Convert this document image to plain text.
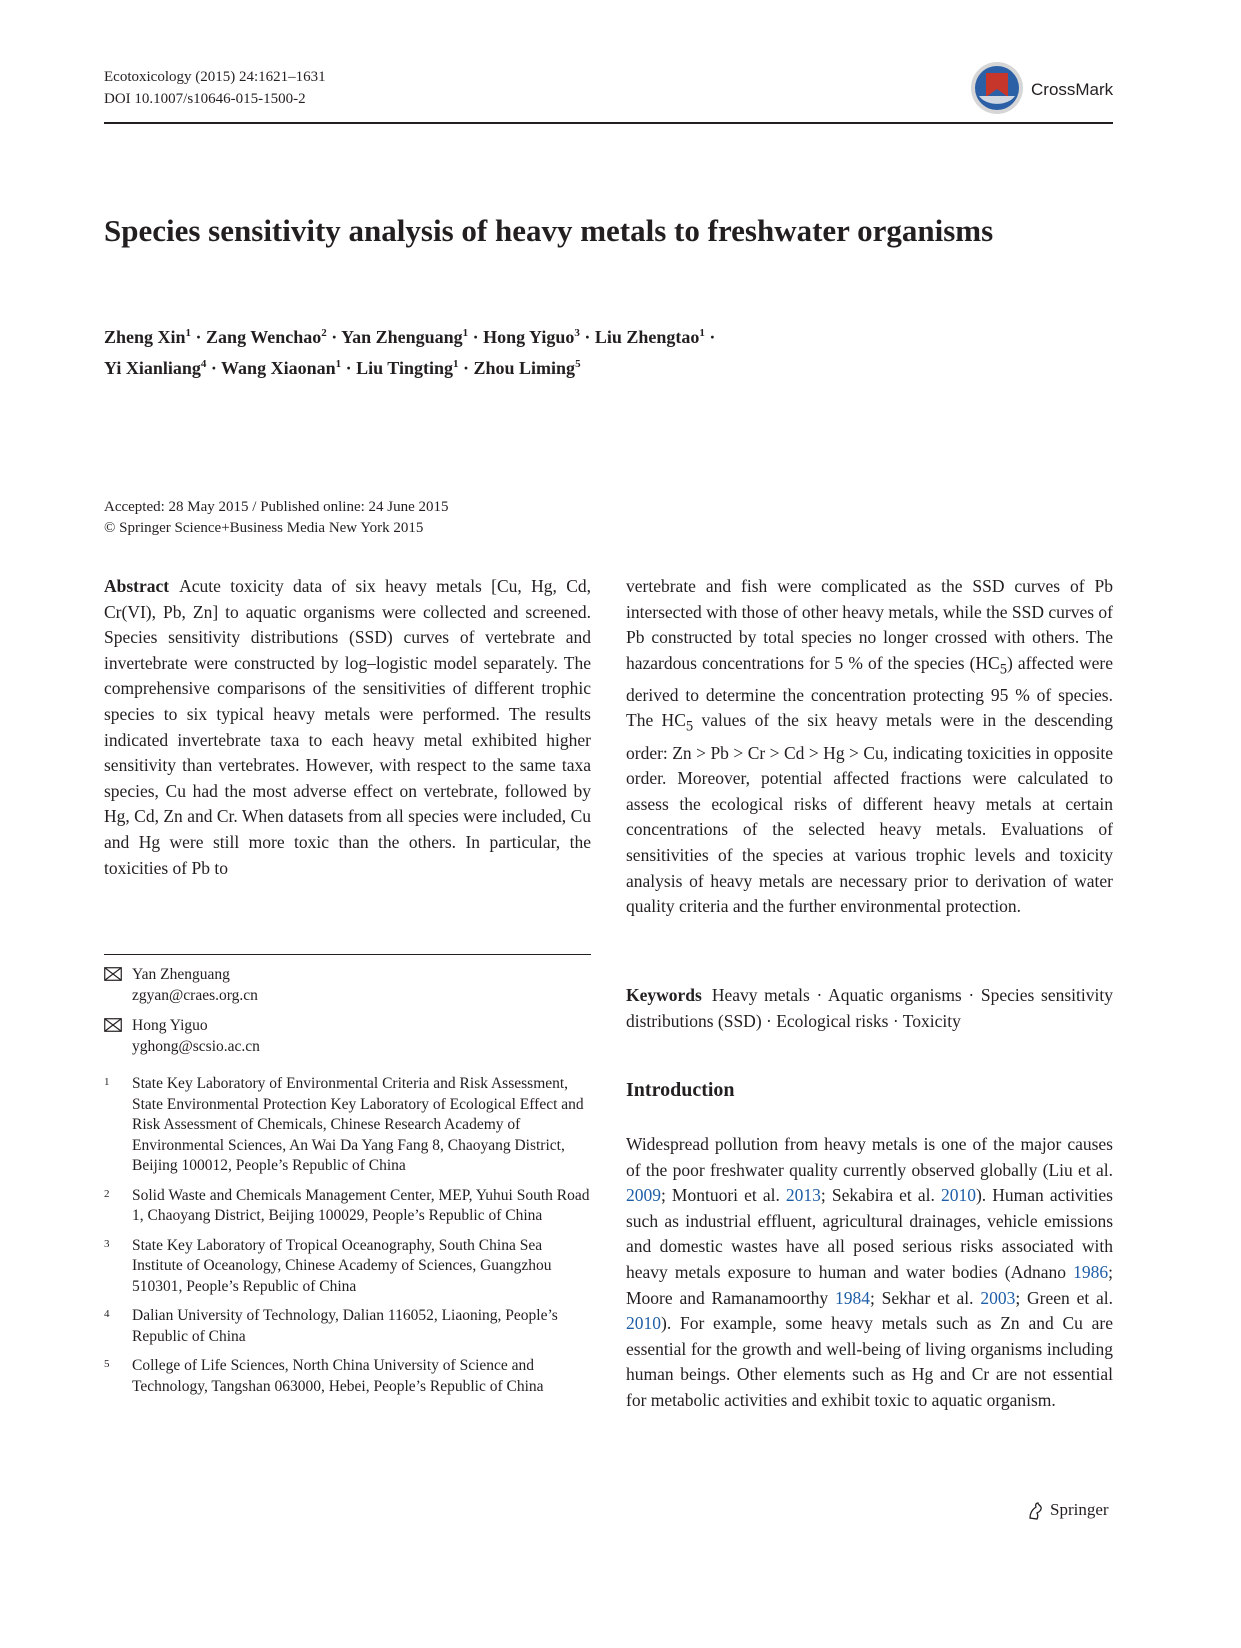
Ecotoxicology (2015) 24:1621–1631
DOI 10.1007/s10646-015-1500-2	CrossMark
Species sensitivity analysis of heavy metals to freshwater organisms
Zheng Xin$^1$ · Zang Wenchao$^2$ · Yan Zhenguang$^1$ · Hong Yiguo$^3$ · Liu Zhengtao$^1$ ·
Yi Xianliang$^4$ · Wang Xiaonan$^1$ · Liu Tingting$^1$ · Zhou Liming$^5$
Accepted: 28 May 2015 / Published online: 24 June 2015
© Springer Science+Business Media New York 2015

Abstract Acute toxicity data of six heavy metals [Cu, Hg, Cd, Cr(VI), Pb, Zn] to aquatic organisms were collected and screened. Species sensitivity distributions (SSD) curves of vertebrate and invertebrate were constructed by log–logistic model separately. The comprehensive comparisons of the sensitivities of different trophic species to six typical heavy metals were performed. The results indicated invertebrate taxa to each heavy metal exhibited higher sensitivity than vertebrates. However, with respect to the same taxa species, Cu had the most adverse effect on vertebrate, followed by Hg, Cd, Zn and Cr. When datasets from all species were included, Cu and Hg were still more toxic than the others. In particular, the toxicities of Pb to

vertebrate and fish were complicated as the SSD curves of Pb intersected with those of other heavy metals, while the SSD curves of Pb constructed by total species no longer crossed with others. The hazardous concentrations for 5 % of the species $(HC_5)$ affected were derived to determine the concentration protecting 95 % of species. The $HC_5$ values of the six heavy metals were in the descending order: Zn > Pb > Cr > Cd > Hg > Cu, indicating toxicities in opposite order. Moreover, potential affected fractions were calculated to assess the ecological risks of different heavy metals at certain concentrations of the selected heavy metals. Evaluations of sensitivities of the species at various trophic levels and toxicity analysis of heavy metals are necessary prior to derivation of water quality criteria and the further environmental protection.

Keywords Heavy metals · Aquatic organisms · Species sensitivity distributions (SSD) · Ecological risks · Toxicity
Yan Zhenguang
zgyan@craes.org.cn
Hong Yiguo
yghong@scsio.ac.cn
1 State Key Laboratory of Environmental Criteria and Risk Assessment, State Environmental Protection Key Laboratory of Ecological Effect and Risk Assessment of Chemicals, Chinese Research Academy of Environmental Sciences, An Wai Da Yang Fang 8, Chaoyang District, Beijing 100012, People’s Republic of China
2 Solid Waste and Chemicals Management Center, MEP, Yuhui South Road 1, Chaoyang District, Beijing 100029, People’s Republic of China
3 State Key Laboratory of Tropical Oceanography, South China Sea Institute of Oceanology, Chinese Academy of Sciences, Guangzhou 510301, People’s Republic of China
4 Dalian University of Technology, Dalian 116052, Liaoning, People’s Republic of China
5 College of Life Sciences, North China University of Science and Technology, Tangshan 063000, Hebei, People’s Republic of China
Introduction
Widespread pollution from heavy metals is one of the major causes of the poor freshwater quality currently observed globally (Liu et al. 2009; Montuori et al. 2013; Sekabira et al. 2010). Human activities such as industrial effluent, agricultural drainages, vehicle emissions and domestic wastes have all posed serious risks associated with heavy metals exposure to human and water bodies (Adnano 1986; Moore and Ramanamoorthy 1984; Sekhar et al. 2003; Green et al. 2010). For example, some heavy metals such as Zn and Cu are essential for the growth and well-being of living organisms including human beings. Other elements such as Hg and Cr are not essential for metabolic activities and exhibit toxic to aquatic organism.
Springer
